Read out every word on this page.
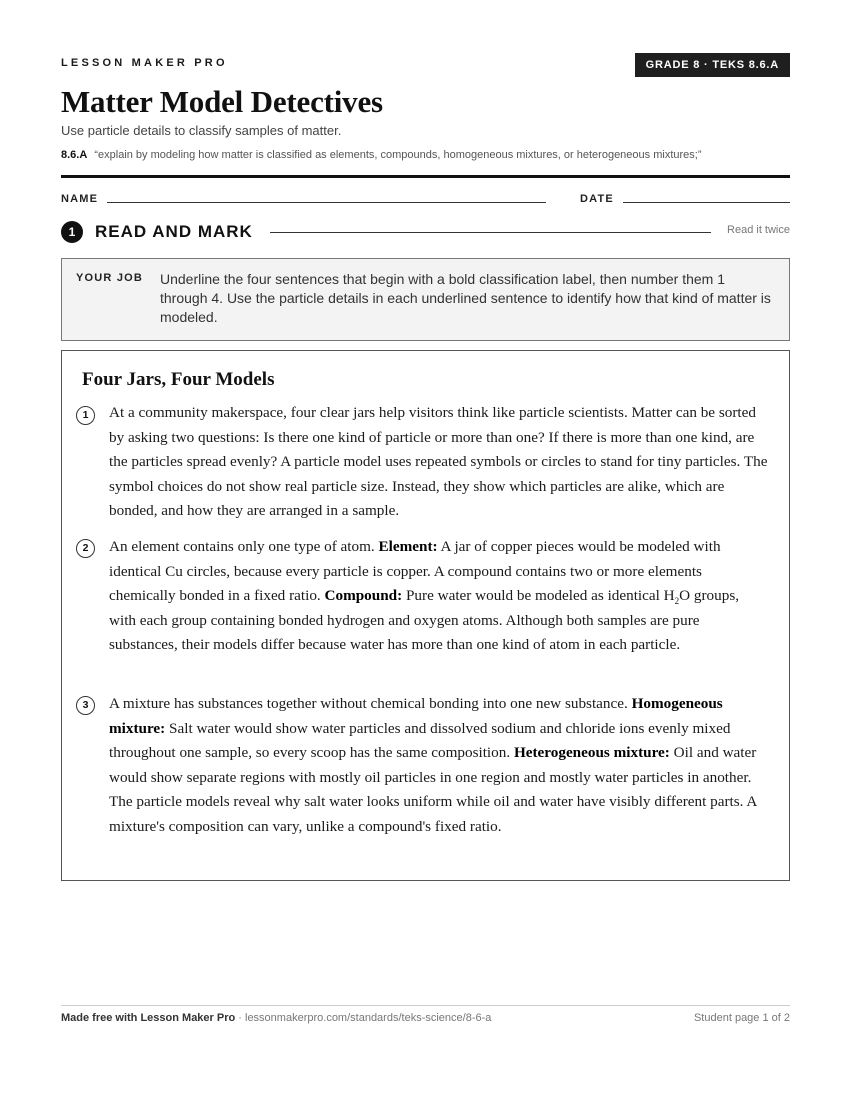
LESSON MAKER PRO	GRADE 8 · TEKS 8.6.A
Matter Model Detectives
Use particle details to classify samples of matter.
8.6.A “explain by modeling how matter is classified as elements, compounds, homogeneous mixtures, or heterogeneous mixtures;”
NAME	DATE
1	READ AND MARK	Read it twice
YOUR JOB Underline the four sentences that begin with a bold classification label, then number them 1 through 4. Use the particle details in each underlined sentence to identify how that kind of matter is modeled.
Four Jars, Four Models
1	At a community makerspace, four clear jars help visitors think like particle scientists. Matter can be sorted by asking two questions: Is there one kind of particle or more than one? If there is more than one kind, are the particles spread evenly? A particle model uses repeated symbols or circles to stand for tiny particles. The symbol choices do not show real particle size. Instead, they show which particles are alike, which are bonded, and how they are arranged in a sample.
2	An element contains only one type of atom. Element: A jar of copper pieces would be modeled with identical Cu circles, because every particle is copper. A compound contains two or more elements chemically bonded in a fixed ratio. Compound: Pure water would be modeled as identical $H_2O$ groups, with each group containing bonded hydrogen and oxygen atoms. Although both samples are pure substances, their models differ because water has more than one kind of atom in each particle.
3	A mixture has substances together without chemical bonding into one new substance. Homogeneous mixture: Salt water would show water particles and dissolved sodium and chloride ions evenly mixed throughout one sample, so every scoop has the same composition. Heterogeneous mixture: Oil and water would show separate regions with mostly oil particles in one region and mostly water particles in another. The particle models reveal why salt water looks uniform while oil and water have visibly different parts. A mixture's composition can vary, unlike a compound's fixed ratio.
Made free with Lesson Maker Pro · lessonmakerpro.com/standards/teks-science/8-6-a	Student page 1 of 2
